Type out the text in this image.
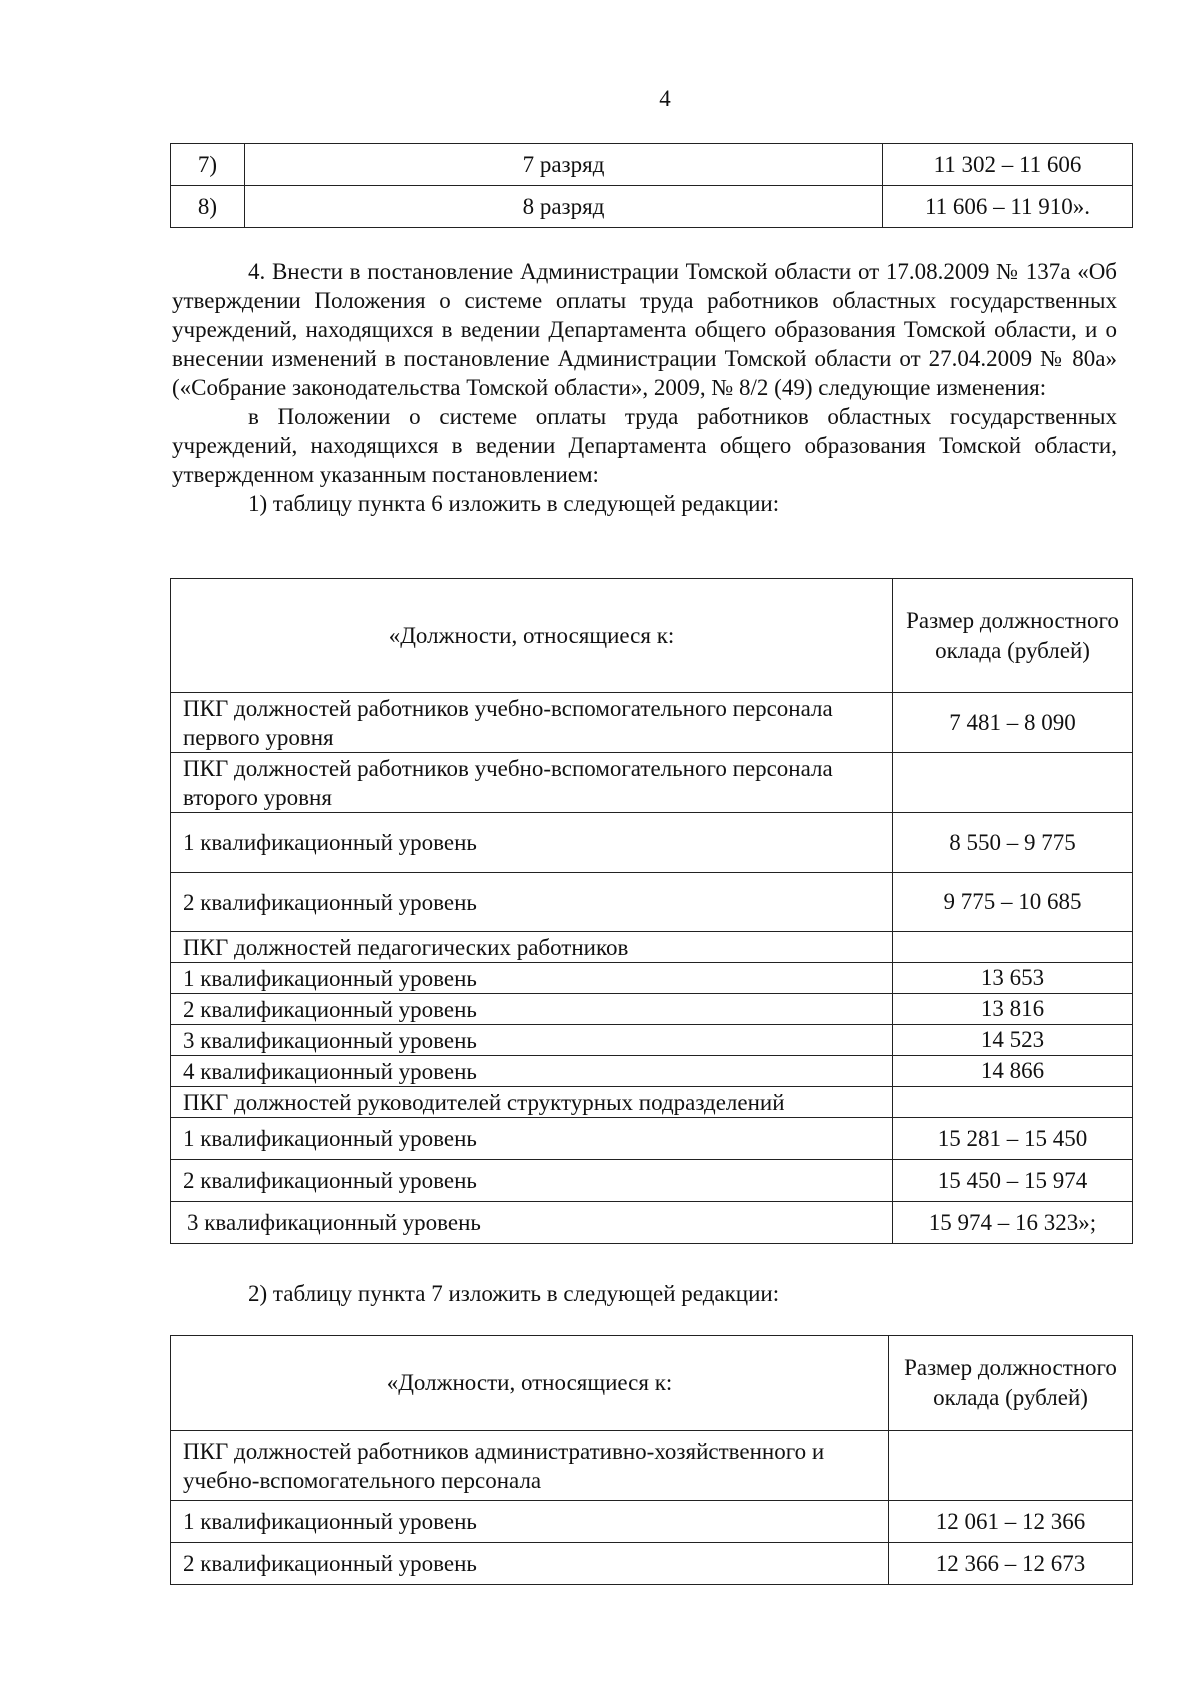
4
7)	7 разряд	11 302 – 11 606
8)	8 разряд	11 606 – 11 910».

4. Внести в постановление Администрации Томской области от 17.08.2009 № 137а «Об утверждении Положения о системе оплаты труда работников областных государственных учреждений, находящихся в ведении Департамента общего образования Томской области, и о внесении изменений в постановление Администрации Томской области от 27.04.2009 № 80а» («Собрание законодательства Томской области», 2009, № 8/2 (49) следующие изменения:

в Положении о системе оплаты труда работников областных государственных учреждений, находящихся в ведении Департамента общего образования Томской области, утвержденном указанным постановлением:

1) таблицу пункта 6 изложить в следующей редакции:

«Должности, относящиеся к:	Размер должностного оклада (рублей)
ПКГ должностей работников учебно-вспомогательного персонала первого уровня	7 481 – 8 090
ПКГ должностей работников учебно-вспомогательного персонала второго уровня	
1 квалификационный уровень	8 550 – 9 775
2 квалификационный уровень	9 775 – 10 685
ПКГ должностей педагогических работников	
1 квалификационный уровень	13 653
2 квалификационный уровень	13 816
3 квалификационный уровень	14 523
4 квалификационный уровень	14 866
ПКГ должностей руководителей структурных подразделений	
1 квалификационный уровень	15 281 – 15 450
2 квалификационный уровень	15 450 – 15 974
3 квалификационный уровень	15 974 – 16 323»;

2) таблицу пункта 7 изложить в следующей редакции:

«Должности, относящиеся к:	Размер должностного оклада (рублей)
ПКГ должностей работников административно-хозяйственного и учебно-вспомогательного персонала	
1 квалификационный уровень	12 061 – 12 366
2 квалификационный уровень	12 366 – 12 673
